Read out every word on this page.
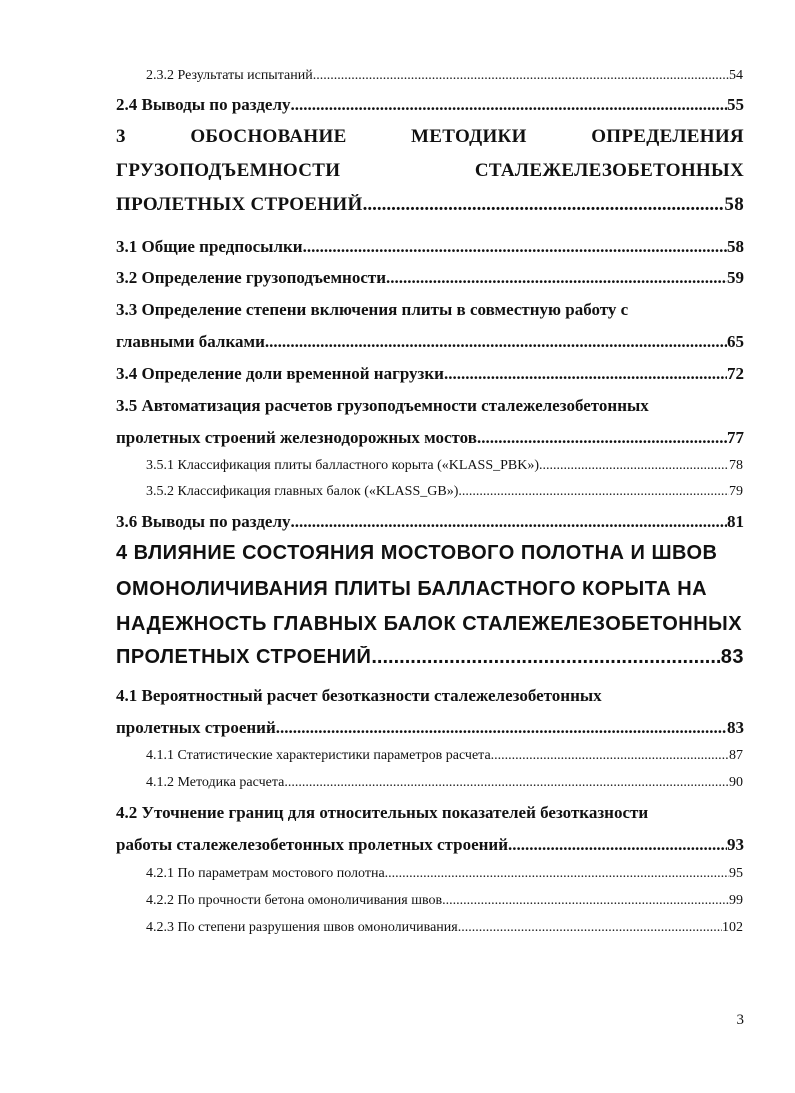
2.3.2 Результаты испытаний .....	54
2.4 Выводы по разделу .....	55
3	ОБОСНОВАНИЕ	МЕТОДИКИ	ОПРЕДЕЛЕНИЯ
ГРУЗОПОДЪЕМНОСТИ	СТАЛЕЖЕЛЕЗОБЕТОННЫХ
ПРОЛЕТНЫХ СТРОЕНИЙ .....	58
3.1 Общие предпосылки .....	58
3.2 Определение грузоподъемности .....	59
3.3 Определение степени включения плиты в совместную работу с
главными балками .....	65
3.4 Определение доли временной нагрузки .....	72
3.5 Автоматизация расчетов грузоподъемности сталежелезобетонных
пролетных строений железнодорожных мостов .....	77
3.5.1 Классификация плиты балластного корыта («KLASS_PBK») .....	78
3.5.2 Классификация главных балок («KLASS_GB») .....	79
3.6 Выводы по разделу .....	81
4 ВЛИЯНИЕ СОСТОЯНИЯ МОСТОВОГО ПОЛОТНА И ШВОВ
ОМОНОЛИЧИВАНИЯ ПЛИТЫ БАЛЛАСТНОГО КОРЫТА НА
НАДЕЖНОСТЬ ГЛАВНЫХ БАЛОК СТАЛЕЖЕЛЕЗОБЕТОННЫХ
ПРОЛЕТНЫХ СТРОЕНИЙ .....	83
4.1 Вероятностный расчет безотказности сталежелезобетонных
пролетных строений .....	83
4.1.1 Статистические характеристики параметров расчета .....	87
4.1.2 Методика расчета .....	90
4.2 Уточнение границ для относительных показателей безотказности
работы сталежелезобетонных пролетных строений .....	93
4.2.1 По параметрам мостового полотна .....	95
4.2.2 По прочности бетона омоноличивания швов .....	99
4.2.3 По степени разрушения швов омоноличивания .....	102
3
